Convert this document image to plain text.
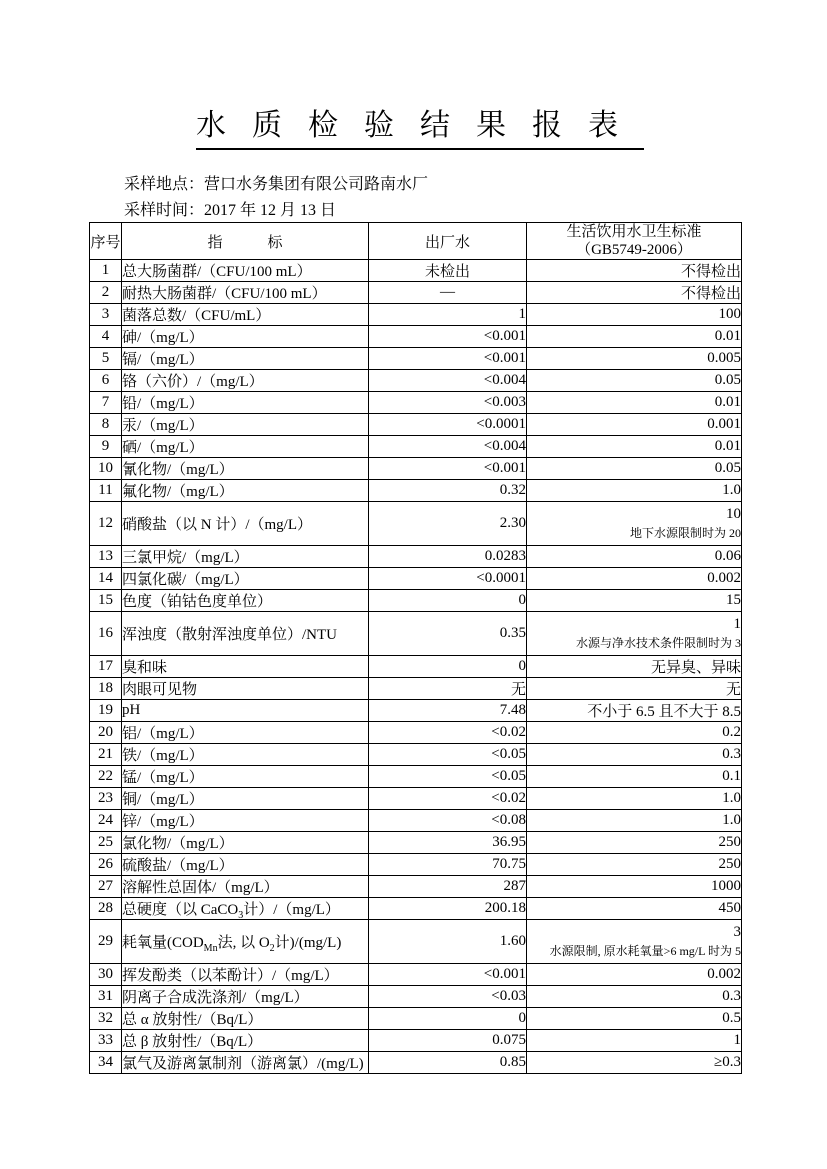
水质检验结果报表
采样地点：营口水务集团有限公司路南水厂
采样时间：2017 年 12 月 13 日
序号	指　　　标	出厂水	生活饮用水卫生标准
（GB5749-2006）

1	总大肠菌群/（CFU/100 mL）	未检出	不得检出
2	耐热大肠菌群/（CFU/100 mL）	—	不得检出
3	菌落总数/（CFU/mL）	1	100
4	砷/（mg/L）	<0.001	0.01
5	镉/（mg/L）	<0.001	0.005
6	铬（六价）/（mg/L）	<0.004	0.05
7	铅/（mg/L）	<0.003	0.01
8	汞/（mg/L）	<0.0001	0.001
9	硒/（mg/L）	<0.004	0.01
10	氰化物/（mg/L）	<0.001	0.05
11	氟化物/（mg/L）	0.32	1.0
12	硝酸盐（以 N 计）/（mg/L）	2.30	10
地下水源限制时为 20

13	三氯甲烷/（mg/L）	0.0283	0.06
14	四氯化碳/（mg/L）	<0.0001	0.002
15	色度（铂钴色度单位）	0	15
16	浑浊度（散射浑浊度单位）/NTU	0.35	1
水源与净水技术条件限制时为 3

17	臭和味	0	无异臭、异味
18	肉眼可见物	无	无
19	pH	7.48	不小于 6.5 且不大于 8.5
20	铝/（mg/L）	<0.02	0.2
21	铁/（mg/L）	<0.05	0.3
22	锰/（mg/L）	<0.05	0.1
23	铜/（mg/L）	<0.02	1.0
24	锌/（mg/L）	<0.08	1.0
25	氯化物/（mg/L）	36.95	250
26	硫酸盐/（mg/L）	70.75	250
27	溶解性总固体/（mg/L）	287	1000
28	总硬度（以 CaCO$_3$计）/（mg/L）	200.18	450
29	耗氧量($COD_{Mn}$法, 以 $O_2$计)/(mg/L)	1.60	3
水源限制, 原水耗氧量>6 mg/L 时为 5

30	挥发酚类（以苯酚计）/（mg/L）	<0.001	0.002
31	阴离子合成洗涤剂/（mg/L）	<0.03	0.3
32	总 α 放射性/（Bq/L）	0	0.5
33	总 β 放射性/（Bq/L）	0.075	1
34	氯气及游离氯制剂（游离氯）/(mg/L)	0.85	≥0.3
